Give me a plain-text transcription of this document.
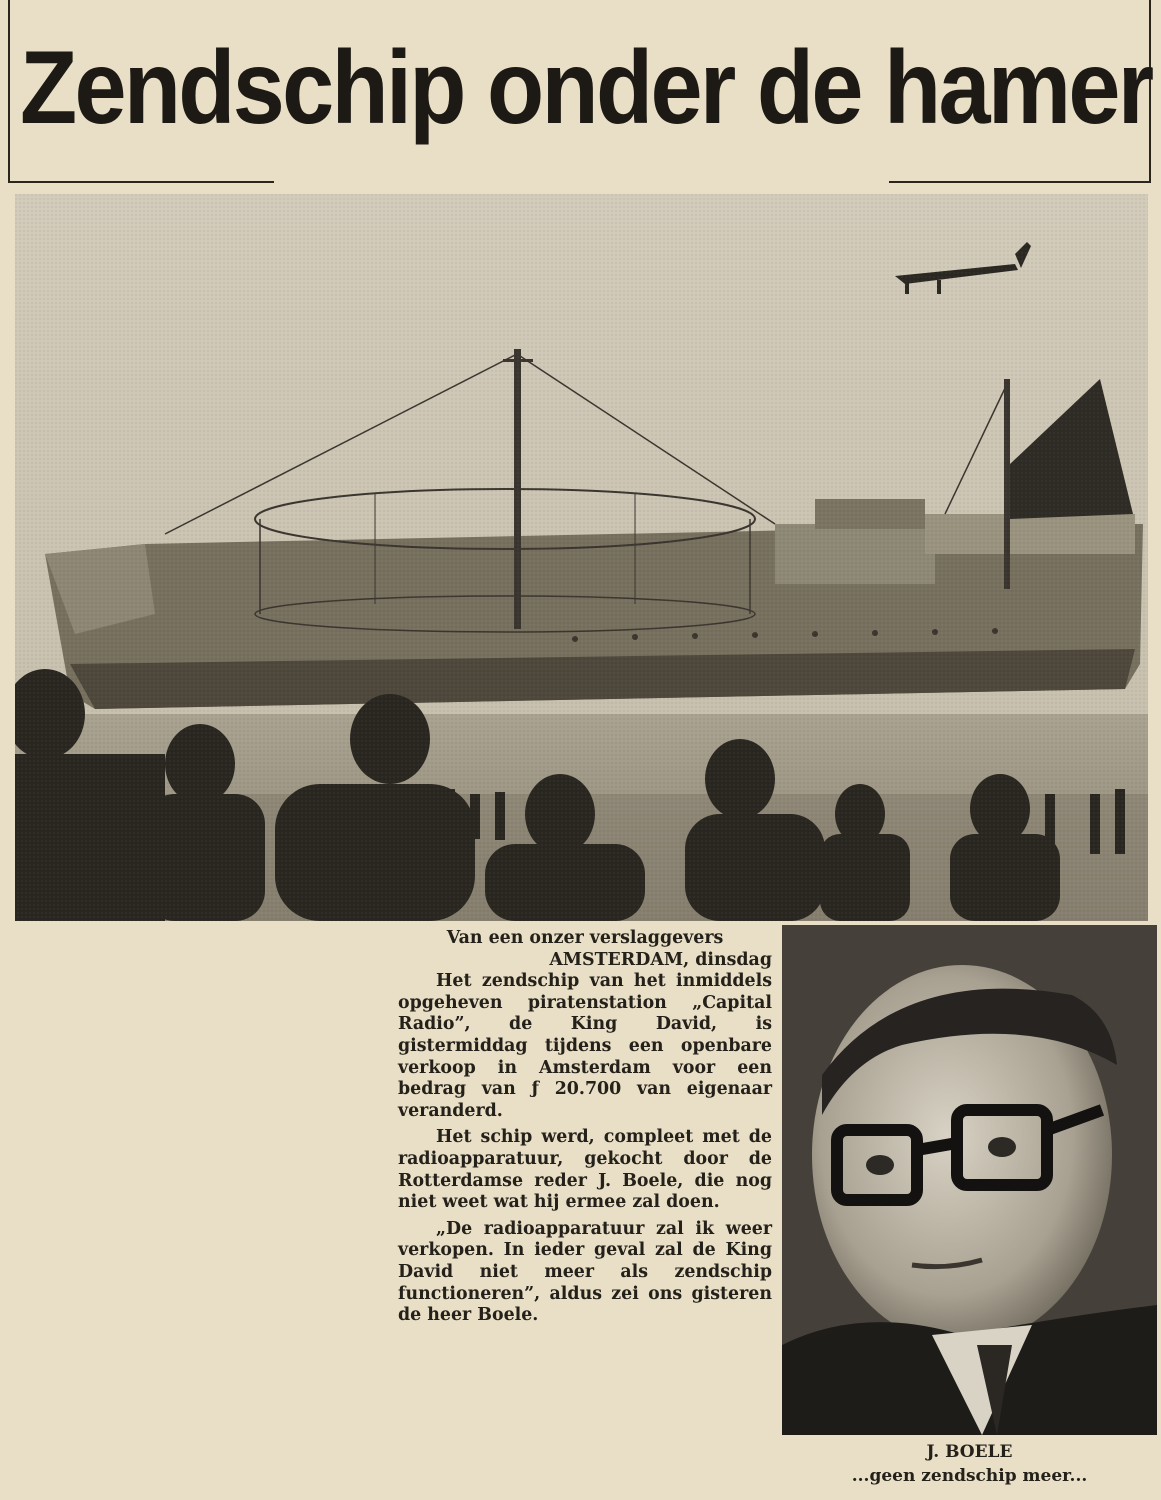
Zendschip onder de hamer

Van een onzer verslaggevers

AMSTERDAM, dinsdag

Het zendschip van het inmiddels opgeheven piratenstation „Capital Radio”, de King David, is gistermiddag tijdens een openbare verkoop in Amsterdam voor een bedrag van ƒ 20.700 van eigenaar veranderd.

Het schip werd, compleet met de radioapparatuur, gekocht door de Rotterdamse reder J. Boele, die nog niet weet wat hij ermee zal doen.

„De radioapparatuur zal ik weer verkopen. In ieder geval zal de King David niet meer als zendschip functioneren”, aldus zei ons gisteren de heer Boele.

J. BOELE
...geen zendschip meer...
